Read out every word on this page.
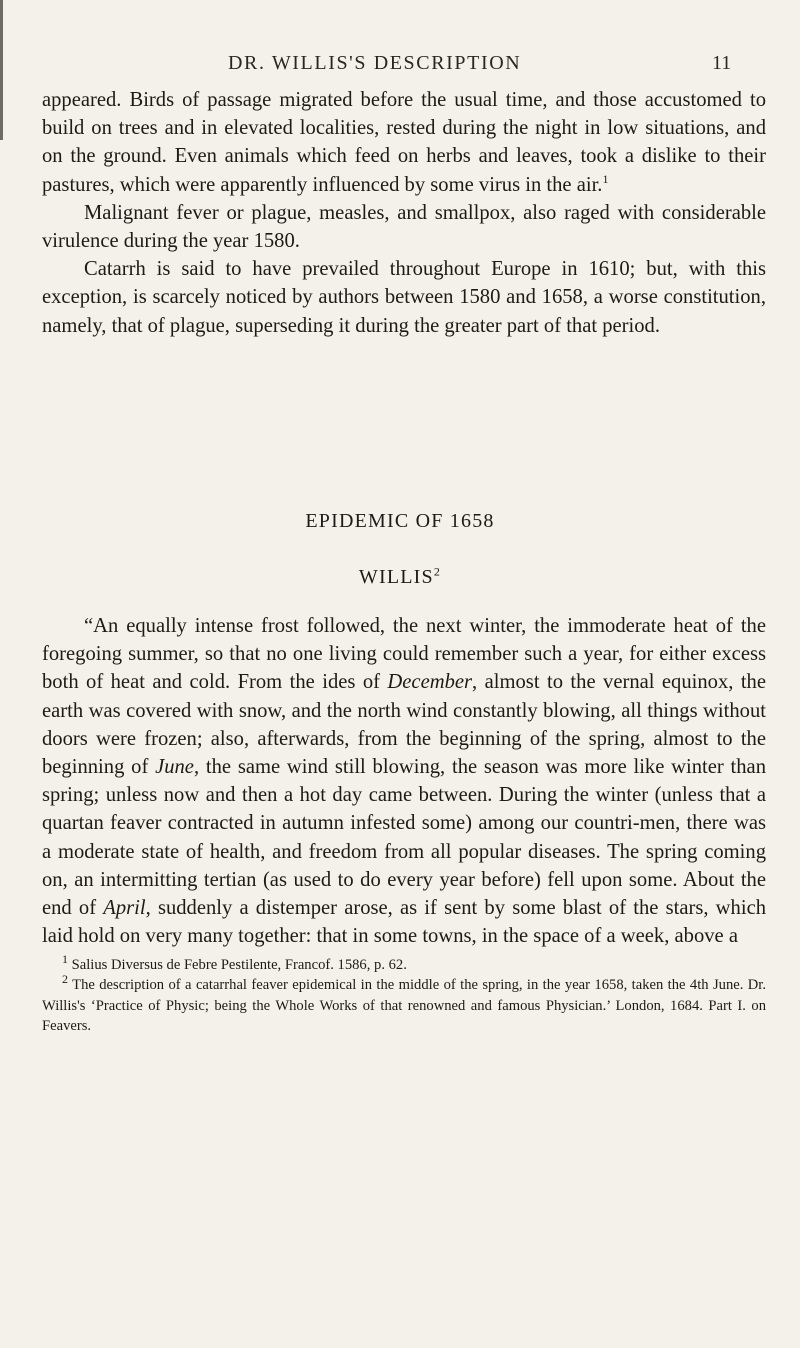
DR. WILLIS'S DESCRIPTION	11

appeared. Birds of passage migrated before the usual time, and those accustomed to build on trees and in elevated localities, rested during the night in low situations, and on the ground. Even animals which feed on herbs and leaves, took a dislike to their pastures, which were apparently influenced by some virus in the air.$^1$

Malignant fever or plague, measles, and smallpox, also raged with considerable virulence during the year 1580.

Catarrh is said to have prevailed throughout Europe in 1610; but, with this exception, is scarcely noticed by authors between 1580 and 1658, a worse constitution, namely, that of plague, superseding it during the greater part of that period.

EPIDEMIC OF 1658
WILLIS$^2$

“An equally intense frost followed, the next winter, the immoderate heat of the foregoing summer, so that no one living could remember such a year, for either excess both of heat and cold. From the ides of December, almost to the vernal equinox, the earth was covered with snow, and the north wind constantly blowing, all things without doors were frozen; also, afterwards, from the beginning of the spring, almost to the beginning of June, the same wind still blowing, the season was more like winter than spring; unless now and then a hot day came between. During the winter (unless that a quartan feaver contracted in autumn infested some) among our countri-men, there was a moderate state of health, and freedom from all popular diseases. The spring coming on, an intermitting tertian (as used to do every year before) fell upon some. About the end of April, suddenly a distemper arose, as if sent by some blast of the stars, which laid hold on very many together: that in some towns, in the space of a week, above a

$^1$ Salius Diversus de Febre Pestilente, Francof. 1586, p. 62.

$^2$ The description of a catarrhal feaver epidemical in the middle of the spring, in the year 1658, taken the 4th June. Dr. Willis's ‘Practice of Physic; being the Whole Works of that renowned and famous Physician.’ London, 1684. Part I. on Feavers.
